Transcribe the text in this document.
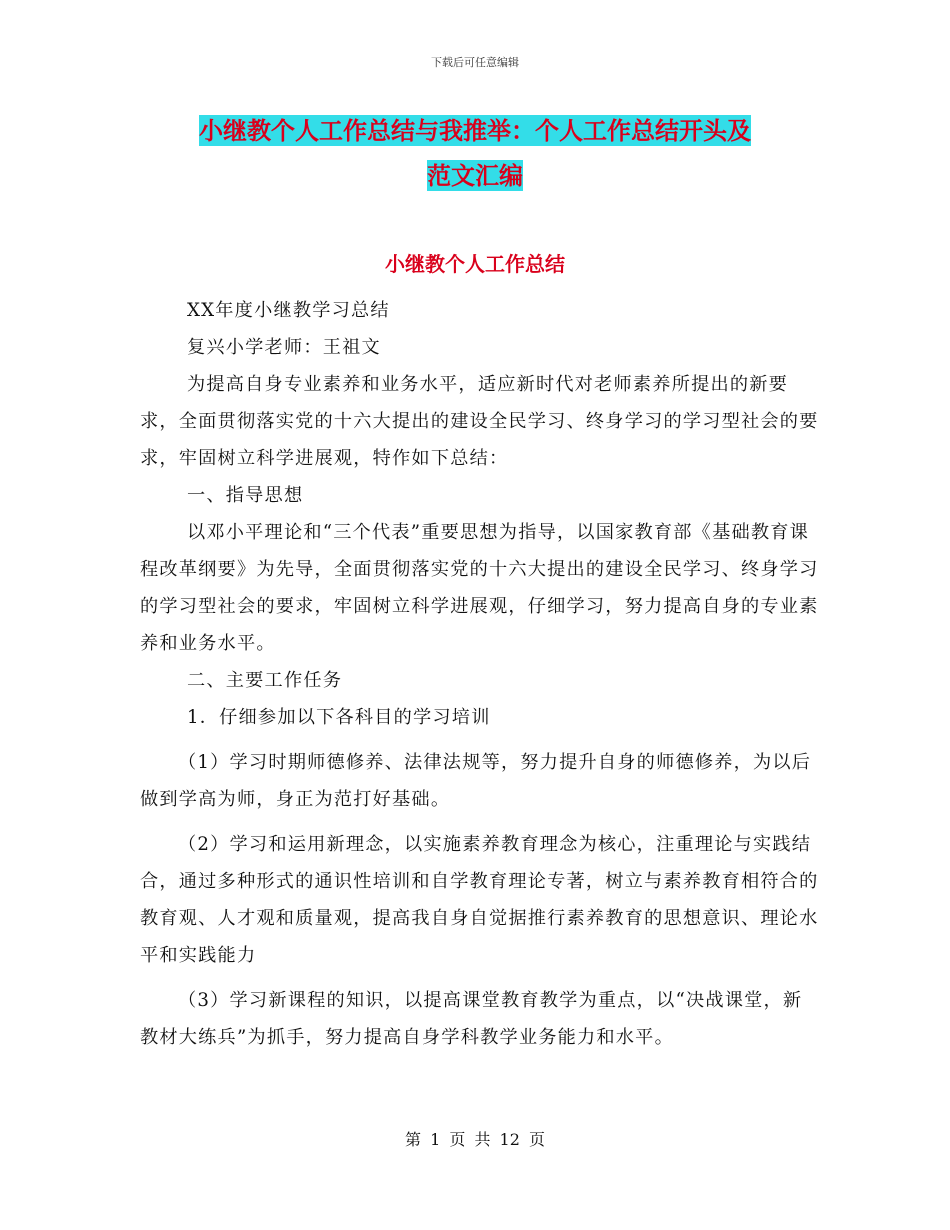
下载后可任意编辑
小继教个人工作总结与我推举：个人工作总结开头及
范文汇编
小继教个人工作总结

XX年度小继教学习总结

复兴小学老师：王祖文

为提高自身专业素养和业务水平，适应新时代对老师素养所提出的新要求，全面贯彻落实党的十六大提出的建设全民学习、终身学习的学习型社会的要求，牢固树立科学进展观，特作如下总结：

一、指导思想

以邓小平理论和“三个代表”重要思想为指导，以国家教育部《基础教育课程改革纲要》为先导，全面贯彻落实党的十六大提出的建设全民学习、终身学习的学习型社会的要求，牢固树立科学进展观，仔细学习，努力提高自身的专业素养和业务水平。

二、主要工作任务

1．仔细参加以下各科目的学习培训

（1）学习时期师德修养、法律法规等，努力提升自身的师德修养，为以后做到学高为师，身正为范打好基础。

（2）学习和运用新理念，以实施素养教育理念为核心，注重理论与实践结合，通过多种形式的通识性培训和自学教育理论专著，树立与素养教育相符合的教育观、人才观和质量观，提高我自身自觉据推行素养教育的思想意识、理论水平和实践能力

（3）学习新课程的知识，以提高课堂教育教学为重点，以“决战课堂，新教材大练兵”为抓手，努力提高自身学科教学业务能力和水平。

第 1 页 共 12 页
